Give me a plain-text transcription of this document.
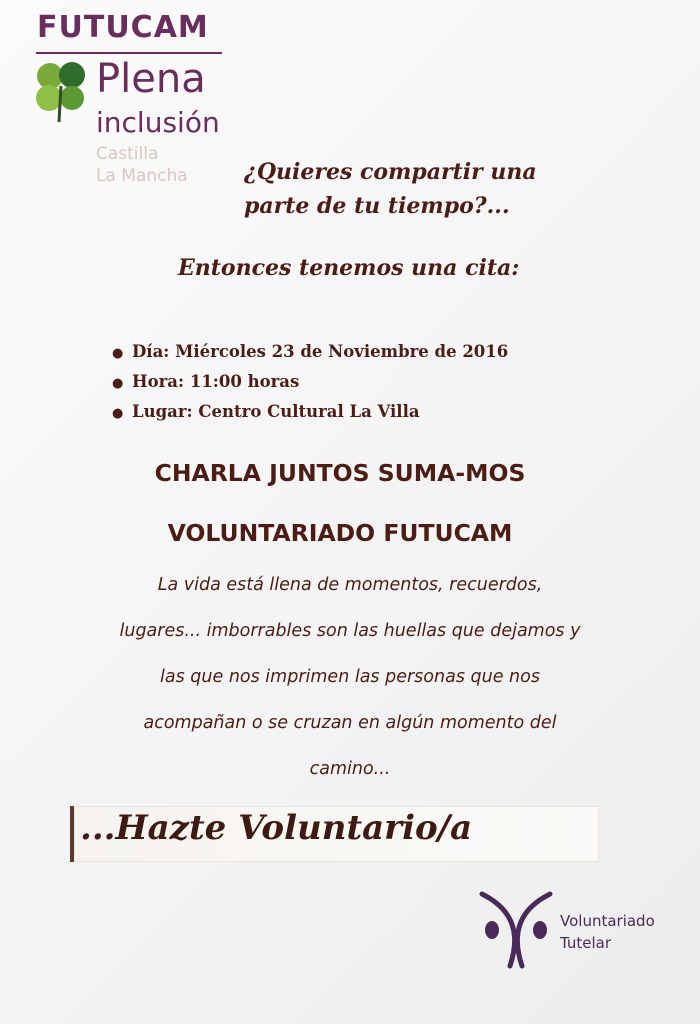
FUTUCAM
Plena
inclusión
Castilla
La Mancha	¿Quieres compartir una parte de tu tiempo?...
Entonces tenemos una cita:
● Día: Miércoles 23 de Noviembre de 2016
● Hora: 11:00 horas
● Lugar: Centro Cultural La Villa
CHARLA JUNTOS SUMA-MOS
VOLUNTARIADO FUTUCAM
La vida está llena de momentos, recuerdos,
lugares... imborrables son las huellas que dejamos y
las que nos imprimen las personas que nos
acompañan o se cruzan en algún momento del
camino...
...Hazte Voluntario/a
Voluntariado
Tutelar
